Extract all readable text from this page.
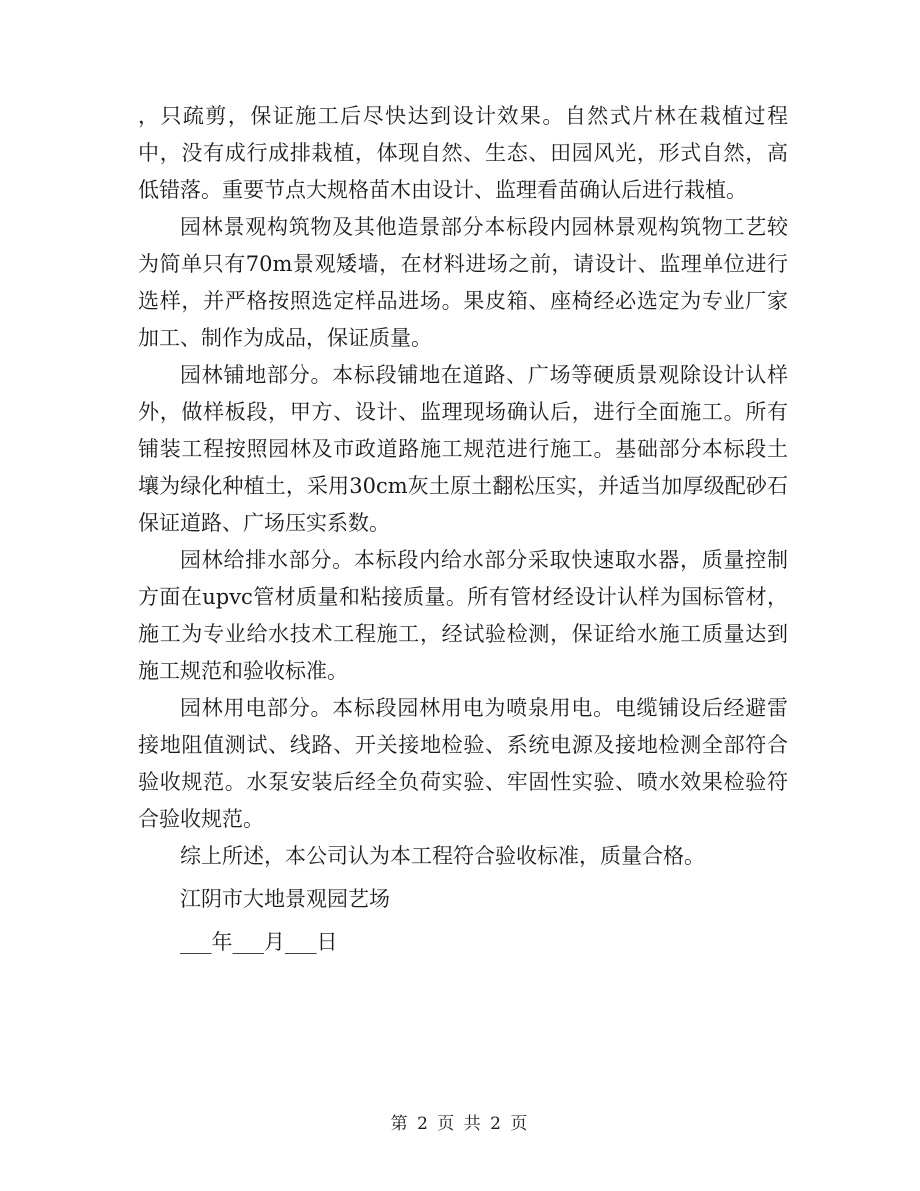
，只疏剪，保证施工后尽快达到设计效果。自然式片林在栽植过程中，没有成行成排栽植，体现自然、生态、田园风光，形式自然，高低错落。重要节点大规格苗木由设计、监理看苗确认后进行栽植。

园林景观构筑物及其他造景部分本标段内园林景观构筑物工艺较为简单只有70m景观矮墙，在材料进场之前，请设计、监理单位进行选样，并严格按照选定样品进场。果皮箱、座椅经必选定为专业厂家加工、制作为成品，保证质量。

园林铺地部分。本标段铺地在道路、广场等硬质景观除设计认样外，做样板段，甲方、设计、监理现场确认后，进行全面施工。所有铺装工程按照园林及市政道路施工规范进行施工。基础部分本标段土壤为绿化种植土，采用30cm灰土原土翻松压实，并适当加厚级配砂石保证道路、广场压实系数。

园林给排水部分。本标段内给水部分采取快速取水器，质量控制方面在upvc管材质量和粘接质量。所有管材经设计认样为国标管材，施工为专业给水技术工程施工，经试验检测，保证给水施工质量达到施工规范和验收标准。

园林用电部分。本标段园林用电为喷泉用电。电缆铺设后经避雷接地阻值测试、线路、开关接地检验、系统电源及接地检测全部符合验收规范。水泵安装后经全负荷实验、牢固性实验、喷水效果检验符合验收规范。

综上所述，本公司认为本工程符合验收标准，质量合格。

江阴市大地景观园艺场

___年___月___日

第 2 页 共 2 页
